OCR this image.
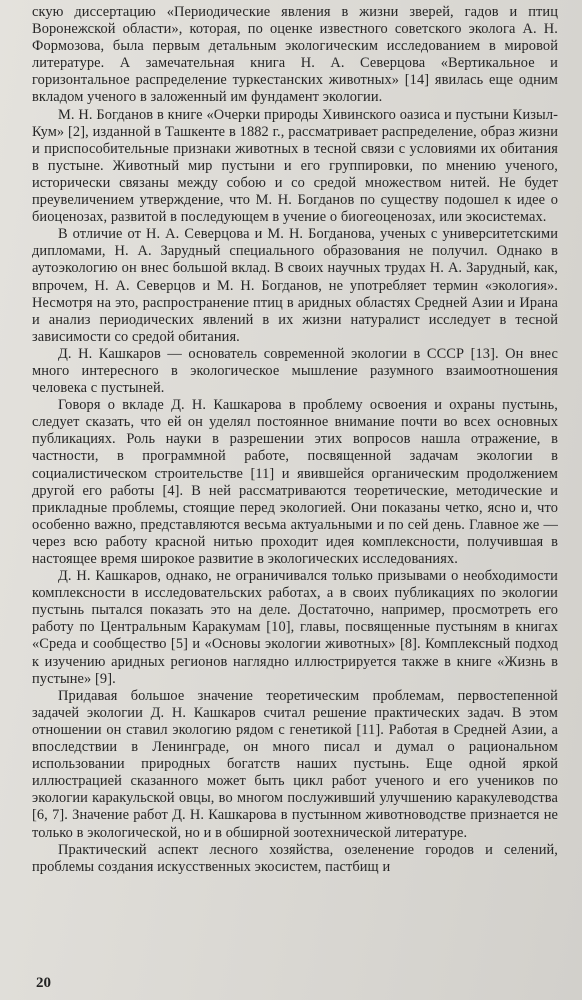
скую диссертацию «Периодические явления в жизни зверей, гадов и птиц Воронежской области», которая, по оценке известного советского эколога А. Н. Формозова, была первым детальным экологическим исследованием в мировой литературе. А замечательная книга Н. А. Северцова «Вертикальное и горизонтальное распределение туркестанских животных» [14] явилась еще одним вкладом ученого в заложенный им фундамент экологии.

М. Н. Богданов в книге «Очерки природы Хивинского оазиса и пустыни Кизыл-Кум» [2], изданной в Ташкенте в 1882 г., рассматривает распределение, образ жизни и приспособительные признаки животных в тесной связи с условиями их обитания в пустыне. Животный мир пустыни и его группировки, по мнению ученого, исторически связаны между собою и со средой множеством нитей. Не будет преувеличением утверждение, что М. Н. Богданов по существу подошел к идее о биоценозах, развитой в последующем в учение о биогеоценозах, или экосистемах.

В отличие от Н. А. Северцова и М. Н. Богданова, ученых с университетскими дипломами, Н. А. Зарудный специального образования не получил. Однако в аутоэкологию он внес большой вклад. В своих научных трудах Н. А. Зарудный, как, впрочем, Н. А. Северцов и М. Н. Богданов, не употребляет термин «экология». Несмотря на это, распространение птиц в аридных областях Средней Азии и Ирана и анализ периодических явлений в их жизни натуралист исследует в тесной зависимости со средой обитания.

Д. Н. Кашкаров — основатель современной экологии в СССР [13]. Он внес много интересного в экологическое мышление разумного взаимоотношения человека с пустыней.

Говоря о вкладе Д. Н. Кашкарова в проблему освоения и охраны пустынь, следует сказать, что ей он уделял постоянное внимание почти во всех основных публикациях. Роль науки в разрешении этих вопросов нашла отражение, в частности, в программной работе, посвященной задачам экологии в социалистическом строительстве [11] и явившейся органическим продолжением другой его работы [4]. В ней рассматриваются теоретические, методические и прикладные проблемы, стоящие перед экологией. Они показаны четко, ясно и, что особенно важно, представляются весьма актуальными и по сей день. Главное же — через всю работу красной нитью проходит идея комплексности, получившая в настоящее время широкое развитие в экологических исследованиях.

Д. Н. Кашкаров, однако, не ограничивался только призывами о необходимости комплексности в исследовательских работах, а в своих публикациях по экологии пустынь пытался показать это на деле. Достаточно, например, просмотреть его работу по Центральным Каракумам [10], главы, посвященные пустыням в книгах «Среда и сообщество [5] и «Основы экологии животных» [8]. Комплексный подход к изучению аридных регионов наглядно иллюстрируется также в книге «Жизнь в пустыне» [9].

Придавая большое значение теоретическим проблемам, первостепенной задачей экологии Д. Н. Кашкаров считал решение практических задач. В этом отношении он ставил экологию рядом с генетикой [11]. Работая в Средней Азии, а впоследствии в Ленинграде, он много писал и думал о рациональном использовании природных богатств наших пустынь. Еще одной яркой иллюстрацией сказанного может быть цикл работ ученого и его учеников по экологии каракульской овцы, во многом послуживший улучшению каракулеводства [6, 7]. Значение работ Д. Н. Кашкарова в пустынном животноводстве признается не только в экологической, но и в обширной зоотехнической литературе.

Практический аспект лесного хозяйства, озеленение городов и селений, проблемы создания искусственных экосистем, пастбищ и

20
